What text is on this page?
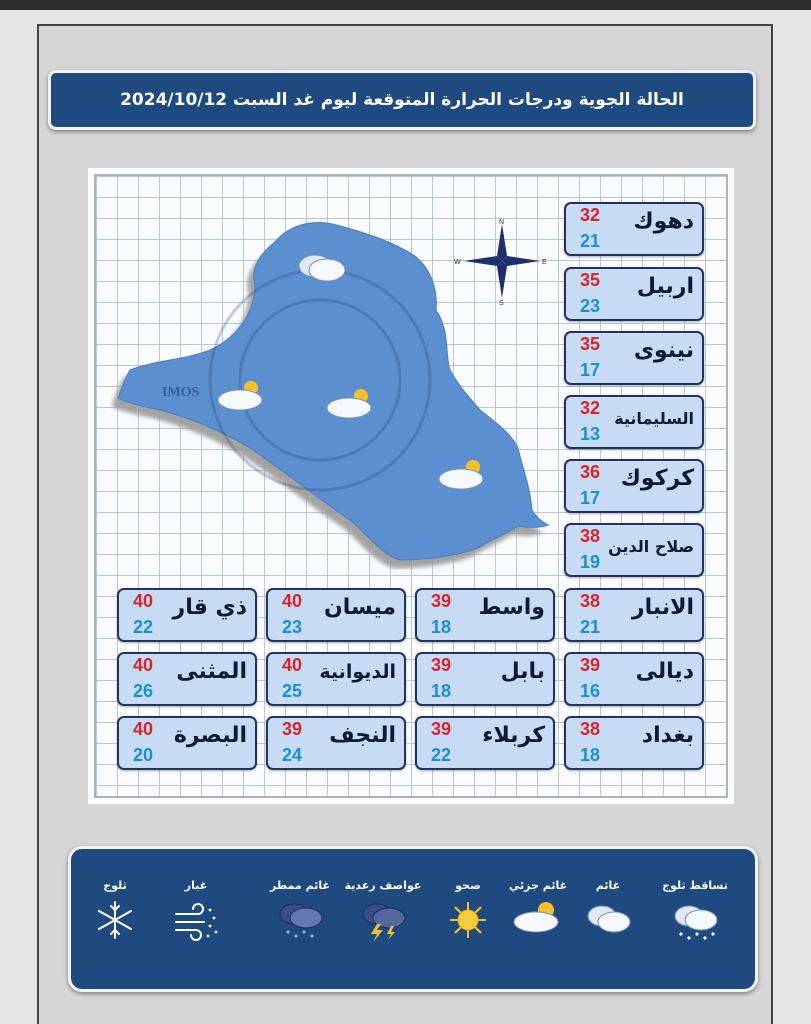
الحالة الجوية ودرجات الحرارة المتوقعة ليوم غد السبت 2024/10/12
IMOS
N
S
W	E
دهوك
32
21
اربيل
35
23
نينوى
35
17
السليمانية
32
13
كركوك
36
17
صلاح الدين
38
19
الانبار
38
21
واسط
39
18
ميسان
40
23
ذي قار
40
22
ديالى
39
16
بابل
39
18
الديوانية
40
25
المثنى
40
26
بغداد
38
18
كربلاء
39
22
النجف
39
24
البصرة
40
20
تساقط ثلوج
غائم
غائم جزئي
صحو
عواصف رعدية
غائم ممطر
غبار
ثلوج
